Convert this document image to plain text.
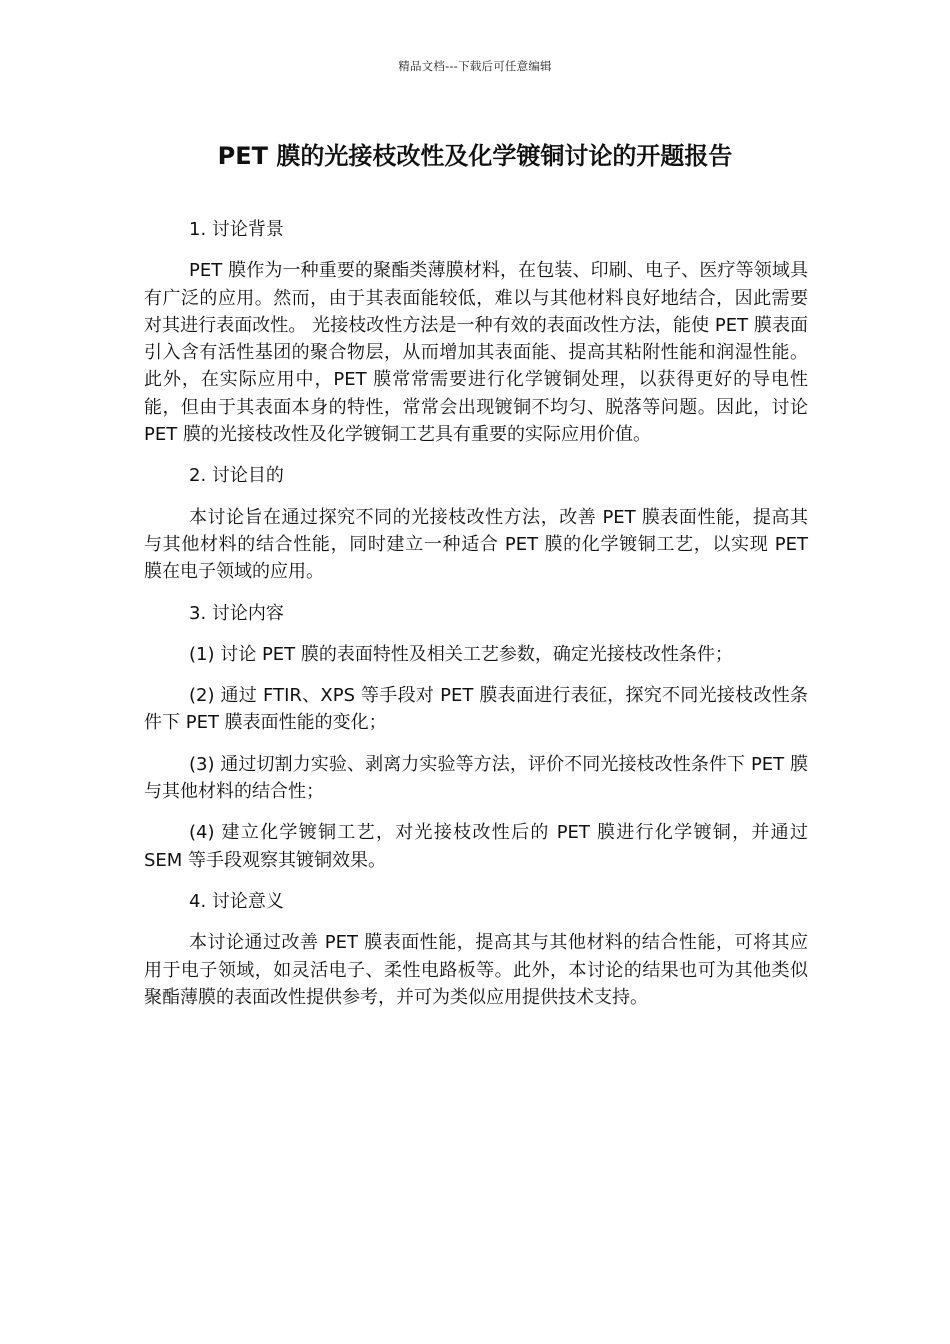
精品文档---下载后可任意编辑
PET 膜的光接枝改性及化学镀铜讨论的开题报告

1. 讨论背景

PET 膜作为一种重要的聚酯类薄膜材料，在包装、印刷、电子、医疗等领域具有广泛的应用。然而，由于其表面能较低，难以与其他材料良好地结合，因此需要对其进行表面改性。 光接枝改性方法是一种有效的表面改性方法，能使 PET 膜表面引入含有活性基团的聚合物层，从而增加其表面能、提高其粘附性能和润湿性能。此外，在实际应用中，PET 膜常常需要进行化学镀铜处理，以获得更好的导电性能，但由于其表面本身的特性，常常会出现镀铜不均匀、脱落等问题。因此，讨论 PET 膜的光接枝改性及化学镀铜工艺具有重要的实际应用价值。

2. 讨论目的

本讨论旨在通过探究不同的光接枝改性方法，改善 PET 膜表面性能，提高其与其他材料的结合性能，同时建立一种适合 PET 膜的化学镀铜工艺，以实现 PET 膜在电子领域的应用。

3. 讨论内容

(1) 讨论 PET 膜的表面特性及相关工艺参数，确定光接枝改性条件；

(2) 通过 FTIR、XPS 等手段对 PET 膜表面进行表征，探究不同光接枝改性条件下 PET 膜表面性能的变化；

(3) 通过切割力实验、剥离力实验等方法，评价不同光接枝改性条件下 PET 膜与其他材料的结合性；

(4) 建立化学镀铜工艺，对光接枝改性后的 PET 膜进行化学镀铜，并通过 SEM 等手段观察其镀铜效果。

4. 讨论意义

本讨论通过改善 PET 膜表面性能，提高其与其他材料的结合性能，可将其应用于电子领域，如灵活电子、柔性电路板等。此外，本讨论的结果也可为其他类似聚酯薄膜的表面改性提供参考，并可为类似应用提供技术支持。
